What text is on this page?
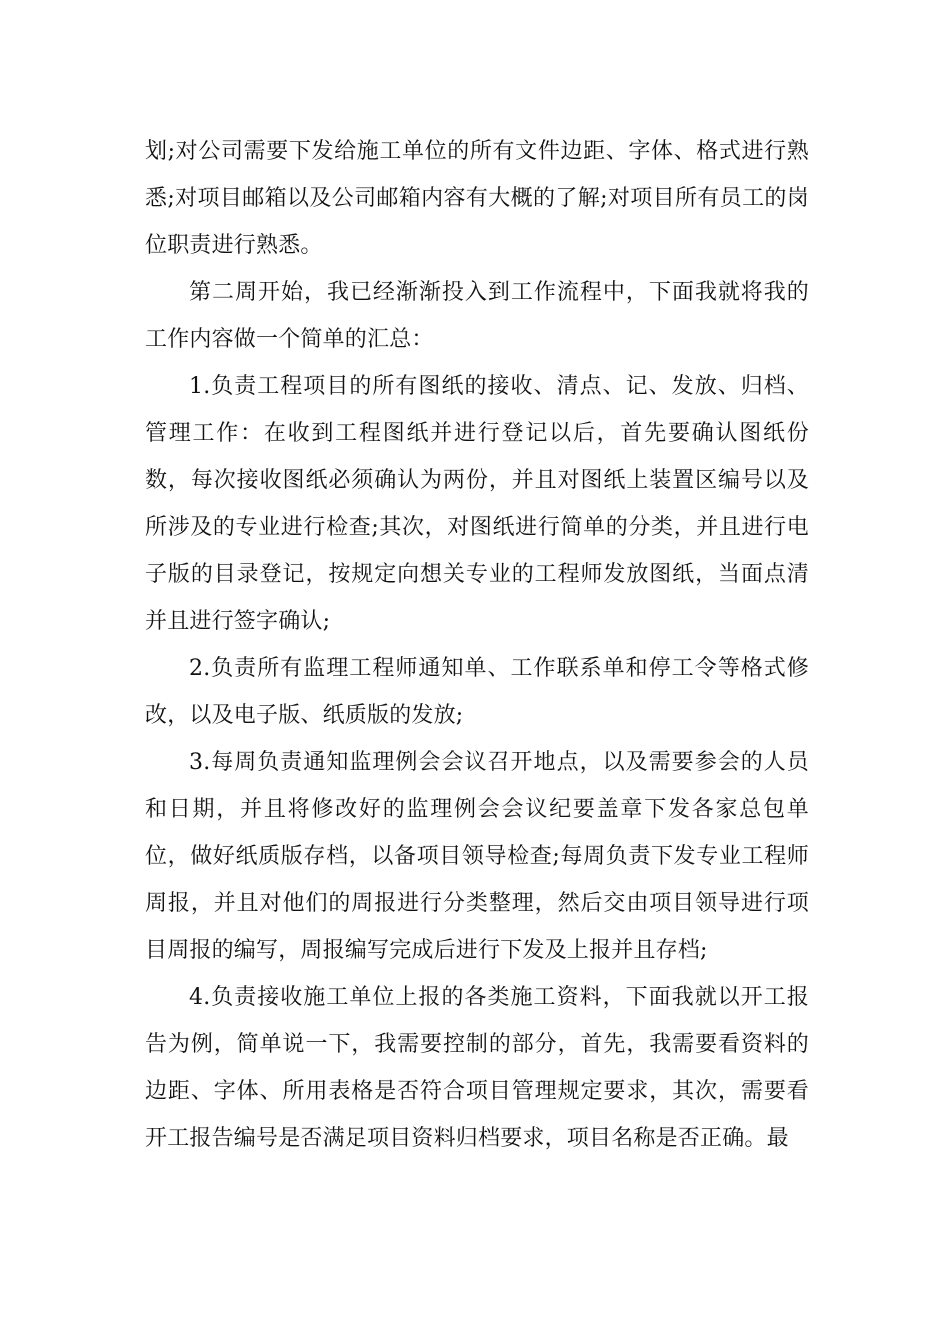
划;对公司需要下发给施工单位的所有文件边距、字体、格式进行熟悉;对项目邮箱以及公司邮箱内容有大概的了解;对项目所有员工的岗位职责进行熟悉。

第二周开始，我已经渐渐投入到工作流程中，下面我就将我的工作内容做一个简单的汇总：

1.负责工程项目的所有图纸的接收、清点、记、发放、归档、管理工作：在收到工程图纸并进行登记以后，首先要确认图纸份数，每次接收图纸必须确认为两份，并且对图纸上装置区编号以及所涉及的专业进行检查;其次，对图纸进行简单的分类，并且进行电子版的目录登记，按规定向想关专业的工程师发放图纸，当面点清并且进行签字确认;

2.负责所有监理工程师通知单、工作联系单和停工令等格式修改，以及电子版、纸质版的发放;

3.每周负责通知监理例会会议召开地点，以及需要参会的人员和日期，并且将修改好的监理例会会议纪要盖章下发各家总包单位，做好纸质版存档，以备项目领导检查;每周负责下发专业工程师周报，并且对他们的周报进行分类整理，然后交由项目领导进行项目周报的编写，周报编写完成后进行下发及上报并且存档;

4.负责接收施工单位上报的各类施工资料，下面我就以开工报告为例，简单说一下，我需要控制的部分，首先，我需要看资料的边距、字体、所用表格是否符合项目管理规定要求，其次，需要看开工报告编号是否满足项目资料归档要求，项目名称是否正确。最
